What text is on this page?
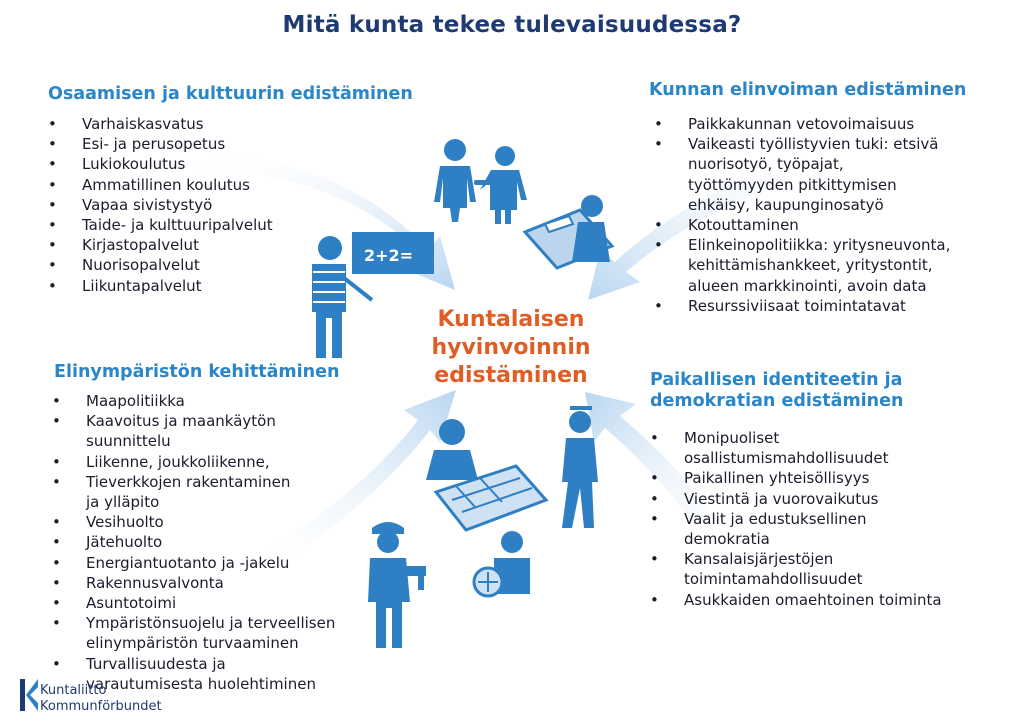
2+2=
Mitä kunta tekee tulevaisuudessa?
Osaamisen ja kulttuurin edistäminen
• Varhaiskasvatus
• Esi- ja perusopetus
• Lukiokoulutus
• Ammatillinen koulutus
• Vapaa sivistystyö
• Taide- ja kulttuuripalvelut
• Kirjastopalvelut
• Nuorisopalvelut
• Liikuntapalvelut
Kunnan elinvoiman edistäminen
• Paikkakunnan vetovoimaisuus
• Vaikeasti työllistyvien tuki: etsivä
nuorisotyö, työpajat,
työttömyyden pitkittymisen
ehkäisy, kaupunginosatyö
• Kotouttaminen
• Elinkeinopolitiikka: yritysneuvonta,
kehittämishankkeet, yritystontit,
alueen markkinointi, avoin data
• Resurssiviisaat toimintatavat
Elinympäristön kehittäminen
• Maapolitiikka
• Kaavoitus ja maankäytön
suunnittelu
• Liikenne, joukkoliikenne,
• Tieverkkojen rakentaminen
ja ylläpito
• Vesihuolto
• Jätehuolto
• Energiantuotanto ja -jakelu
• Rakennusvalvonta
• Asuntotoimi
• Ympäristönsuojelu ja terveellisen
elinympäristön turvaaminen
• Turvallisuudesta ja
varautumisesta huolehtiminen
Paikallisen identiteetin ja
demokratian edistäminen
• Monipuoliset
osallistumismahdollisuudet
• Paikallinen yhteisöllisyys
• Viestintä ja vuorovaikutus
• Vaalit ja edustuksellinen
demokratia
• Kansalaisjärjestöjen
toimintamahdollisuudet
• Asukkaiden omaehtoinen toiminta
Kuntalaisen
hyvinvoinnin
edistäminen
Kuntaliitto
Kommunförbundet
